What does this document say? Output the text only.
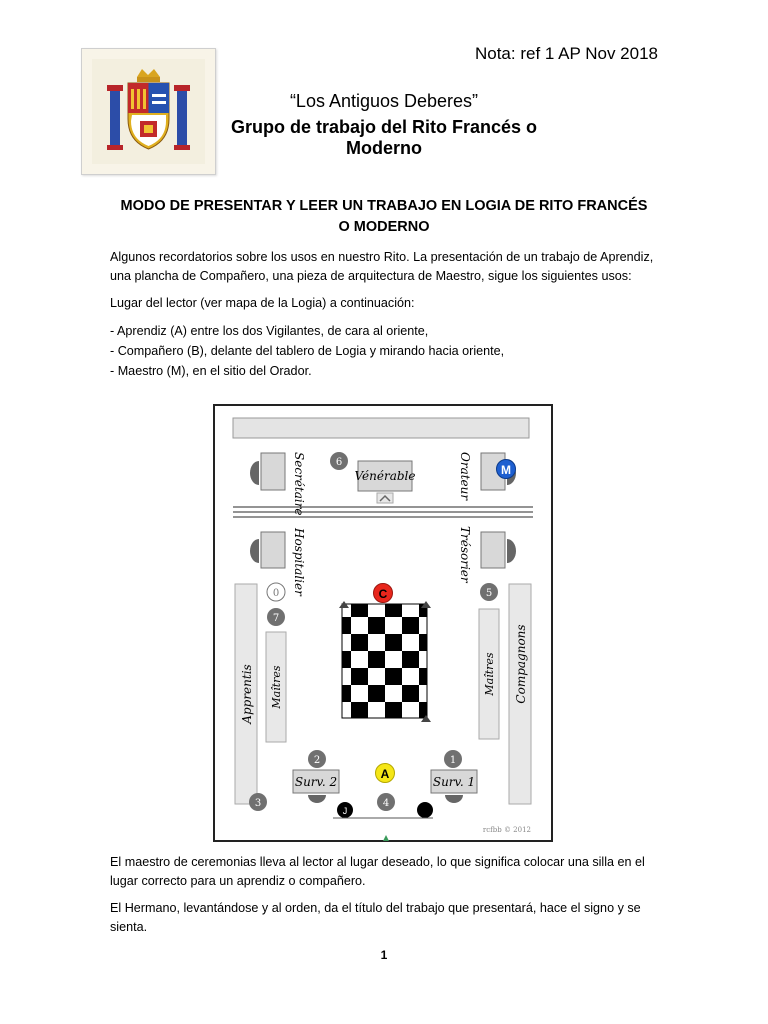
Nota: ref 1 AP Nov 2018
“Los Antiguos Deberes”
Grupo de trabajo del Rito Francés o Moderno
MODO DE PRESENTAR Y LEER UN TRABAJO EN LOGIA DE RITO FRANCÉS
O MODERNO
Algunos recordatorios sobre los usos en nuestro Rito. La presentación de un trabajo de Aprendiz, una plancha de Compañero, una pieza de arquitectura de Maestro, sigue los siguientes usos:
Lugar del lector (ver mapa de la Logia) a continuación:
- Aprendiz (A) entre los dos Vigilantes, de cara al oriente,
- Compañero (B), delante del tablero de Logia y mirando hacia oriente,
- Maestro (M), en el sitio del Orador.
Secrétaire	Vénérable
6	Orateur M
Hospitalier	Trésorier
Apprentis Maîtres	Maîtres Compagnons
0
7
5
C
2
Surv. 2
1
Surv. 1
A
3	4
J
rcfbb © 2012
El maestro de ceremonias lleva al lector al lugar deseado, lo que significa colocar una silla en el lugar correcto para un aprendiz o compañero.
El Hermano, levantándose y al orden, da el título del trabajo que presentará, hace el signo y se sienta.
1
